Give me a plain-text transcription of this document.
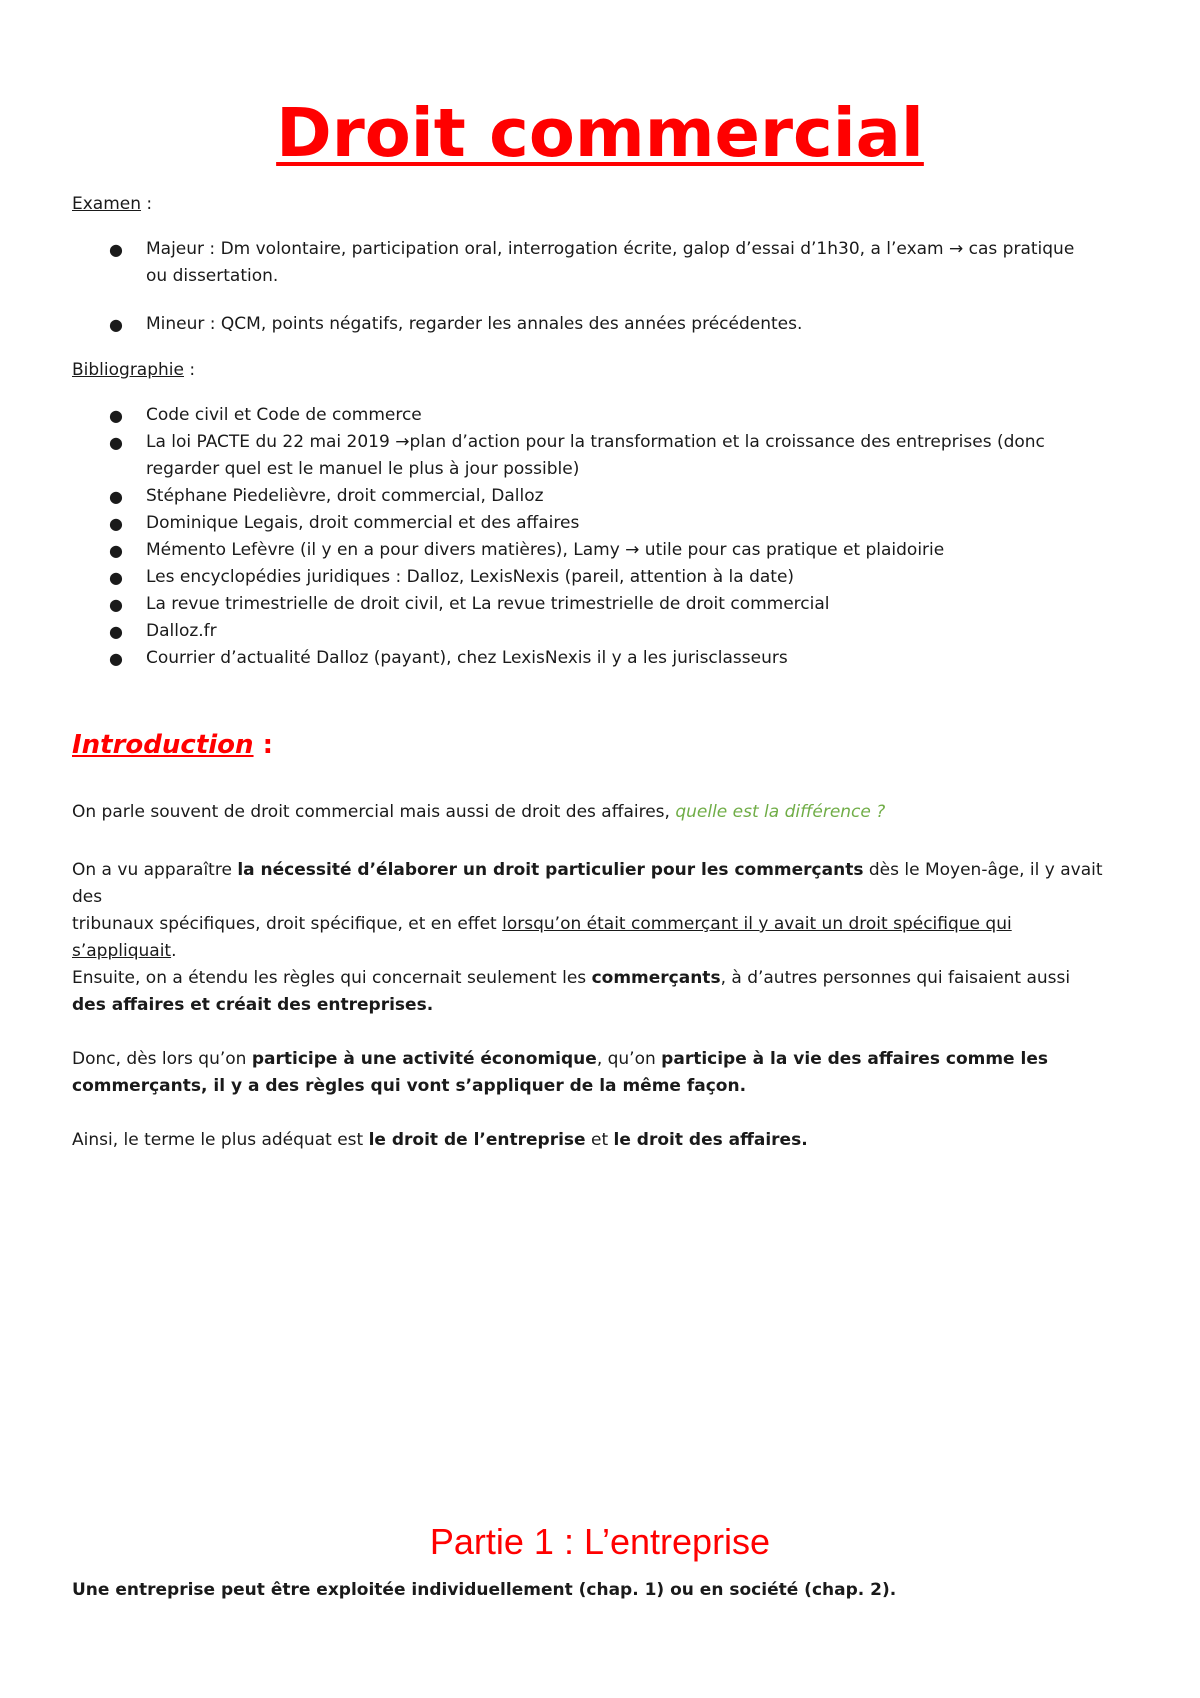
Droit commercial
Examen :
● Majeur : Dm volontaire, participation oral, interrogation écrite, galop d’essai d’1h30, a l’exam → cas pratique
ou dissertation.
● Mineur : QCM, points négatifs, regarder les annales des années précédentes.
Bibliographie :
● Code civil et Code de commerce
● La loi PACTE du 22 mai 2019 →plan d’action pour la transformation et la croissance des entreprises (donc
regarder quel est le manuel le plus à jour possible)
● Stéphane Piedelièvre, droit commercial, Dalloz
● Dominique Legais, droit commercial et des affaires
● Mémento Lefèvre (il y en a pour divers matières), Lamy → utile pour cas pratique et plaidoirie
● Les encyclopédies juridiques : Dalloz, LexisNexis (pareil, attention à la date)
● La revue trimestrielle de droit civil, et La revue trimestrielle de droit commercial
● Dalloz.fr
● Courrier d’actualité Dalloz (payant), chez LexisNexis il y a les jurisclasseurs
Introduction :
On parle souvent de droit commercial mais aussi de droit des affaires, quelle est la différence ?
On a vu apparaître la nécessité d’élaborer un droit particulier pour les commerçants dès le Moyen-âge, il y avait des
tribunaux spécifiques, droit spécifique, et en effet lorsqu’on était commerçant il y avait un droit spécifique qui
s’appliquait.
Ensuite, on a étendu les règles qui concernait seulement les commerçants, à d’autres personnes qui faisaient aussi
des affaires et créait des entreprises.
Donc, dès lors qu’on participe à une activité économique, qu’on participe à la vie des affaires comme les
commerçants, il y a des règles qui vont s’appliquer de la même façon.
Ainsi, le terme le plus adéquat est le droit de l’entreprise et le droit des affaires.
Partie 1 : L’entreprise
Une entreprise peut être exploitée individuellement (chap. 1) ou en société (chap. 2).
